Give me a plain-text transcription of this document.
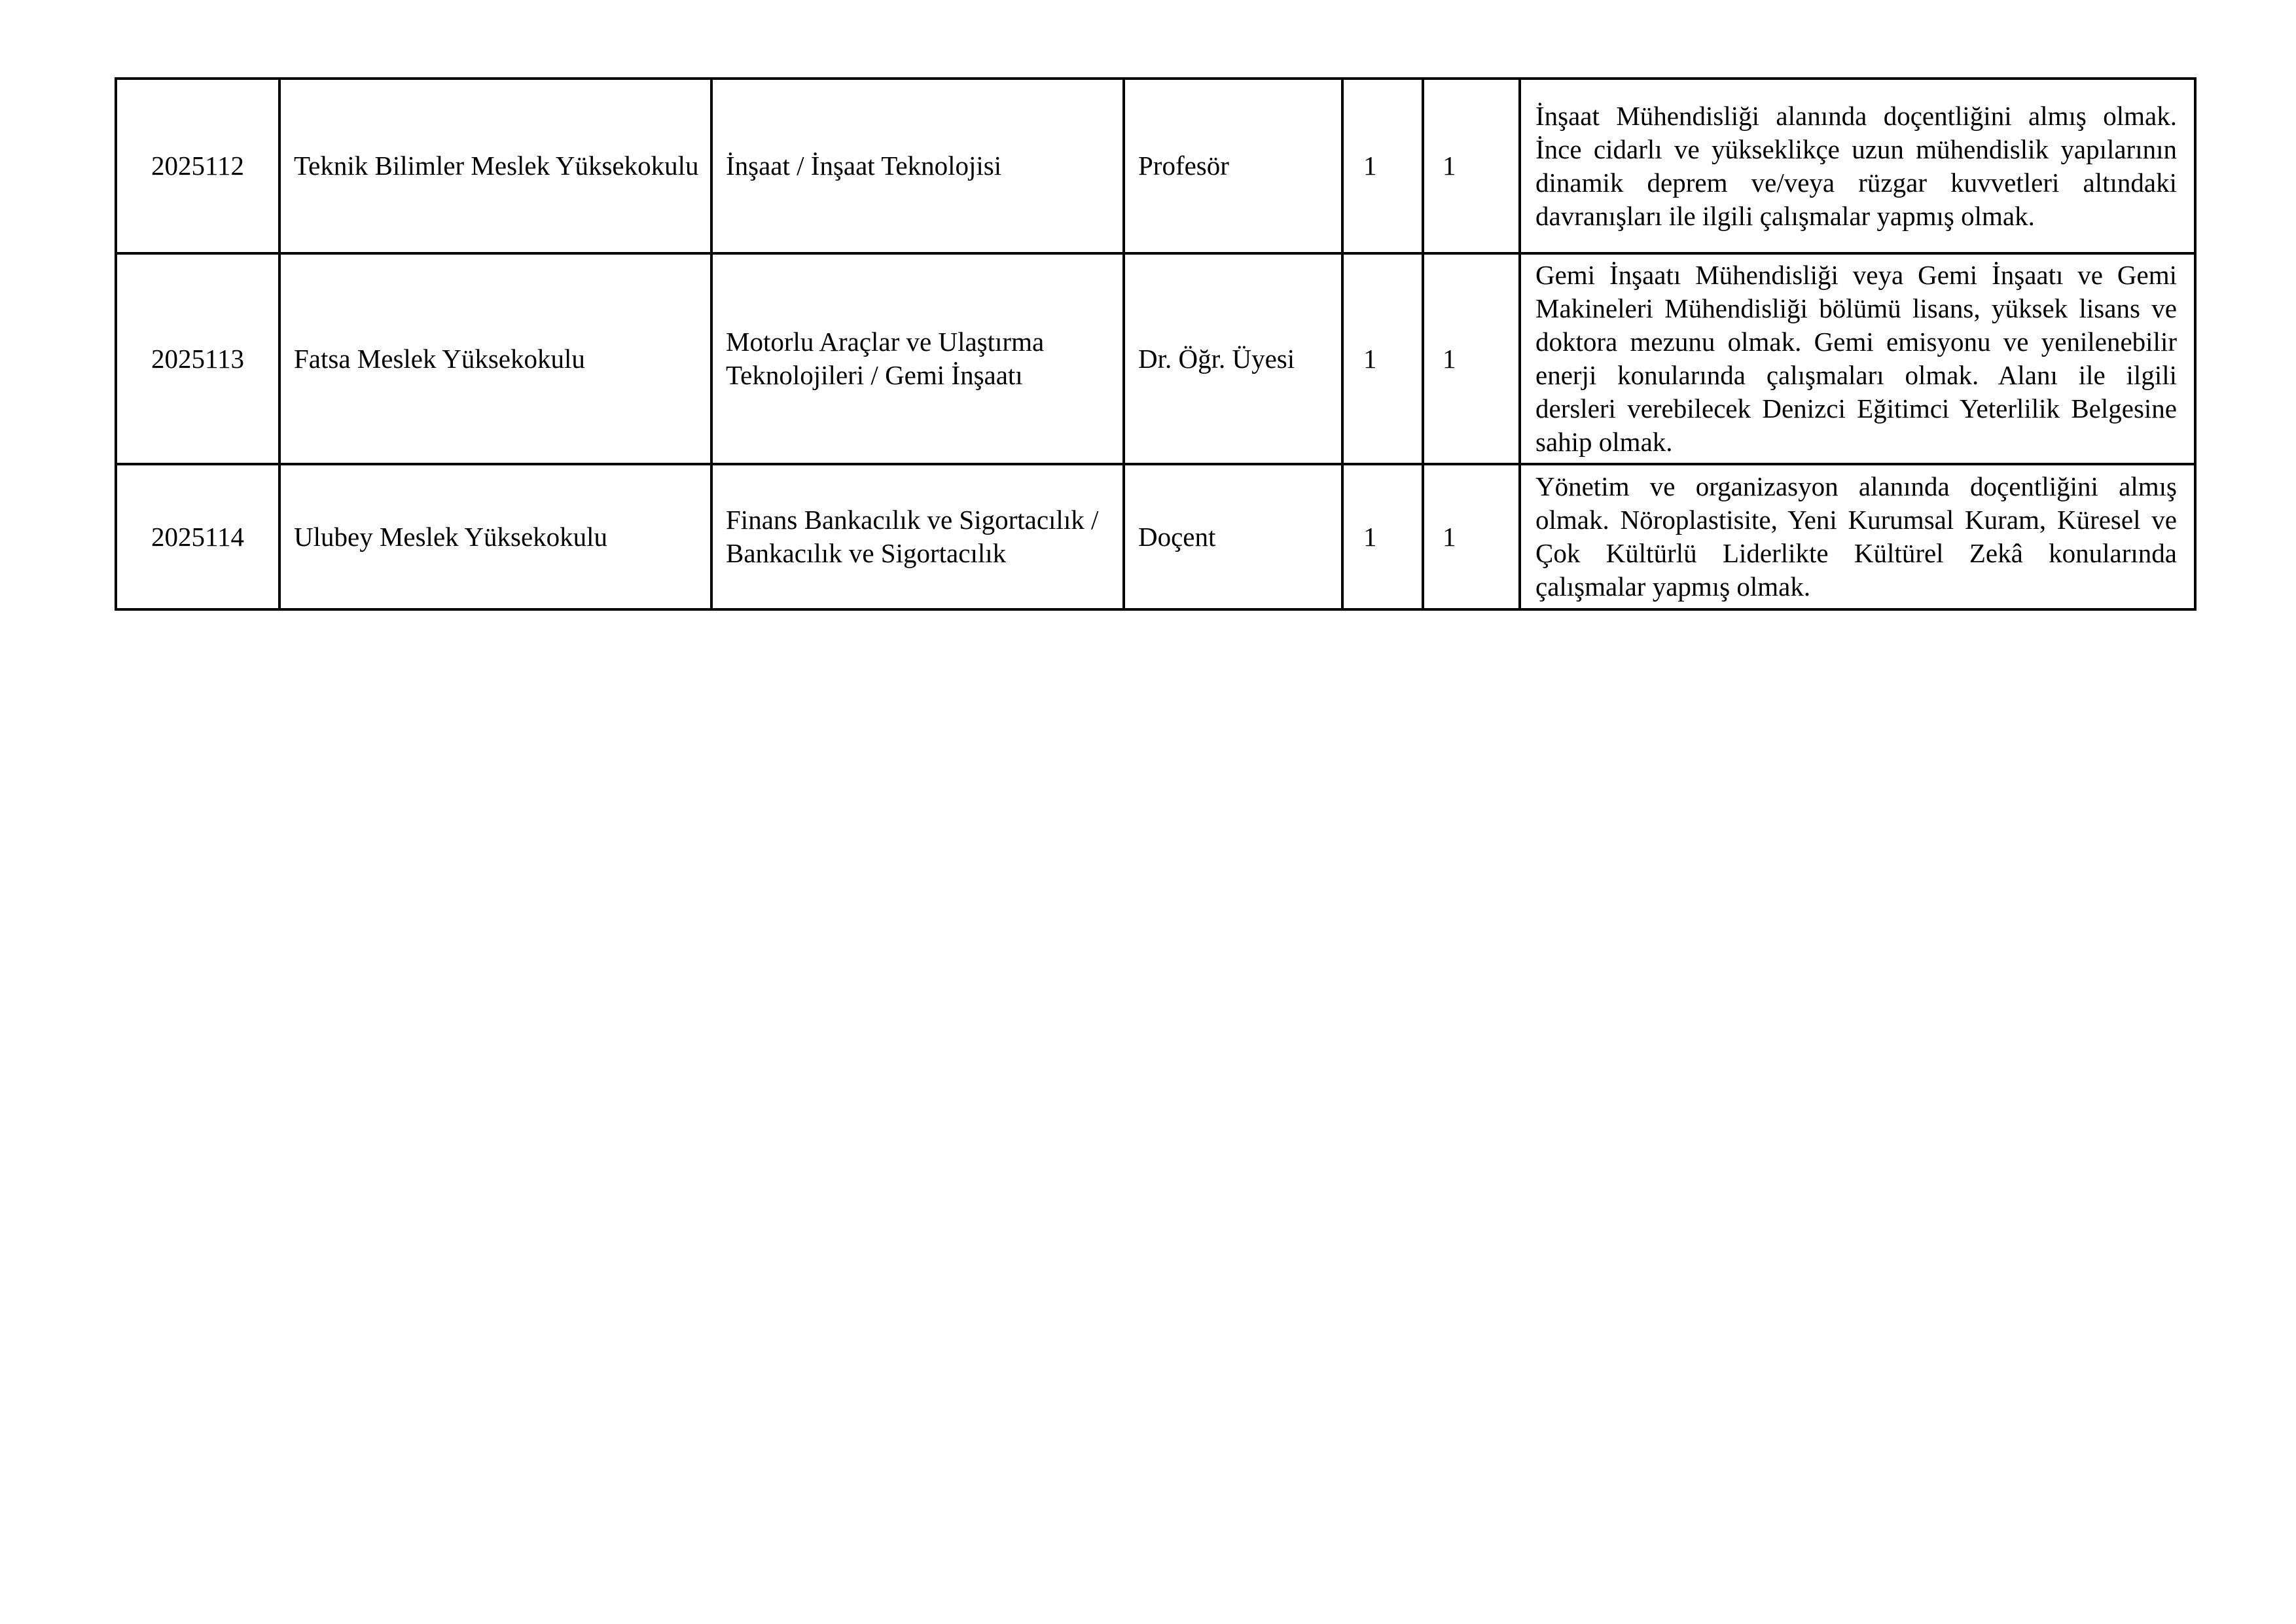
2025112	Teknik Bilimler Meslek Yüksekokulu	İnşaat / İnşaat Teknolojisi	Profesör	1	1	İnşaat Mühendisliği alanında doçentliğini almış olmak. İnce cidarlı ve yükseklikçe uzun mühendislik yapılarının dinamik deprem ve/veya rüzgar kuvvetleri altındaki davranışları ile ilgili çalışmalar yapmış olmak.
2025113	Fatsa Meslek Yüksekokulu	Motorlu Araçlar ve Ulaştırma Teknolojileri / Gemi İnşaatı	Dr. Öğr. Üyesi	1	1	Gemi İnşaatı Mühendisliği veya Gemi İnşaatı ve Gemi Makineleri Mühendisliği bölümü lisans, yüksek lisans ve doktora mezunu olmak. Gemi emisyonu ve yenilenebilir enerji konularında çalışmaları olmak. Alanı ile ilgili dersleri verebilecek Denizci Eğitimci Yeterlilik Belgesine sahip olmak.
2025114	Ulubey Meslek Yüksekokulu	Finans Bankacılık ve Sigortacılık / Bankacılık ve Sigortacılık	Doçent	1	1	Yönetim ve organizasyon alanında doçentliğini almış olmak. Nöroplastisite, Yeni Kurumsal Kuram, Küresel ve Çok Kültürlü Liderlikte Kültürel Zekâ konularında çalışmalar yapmış olmak.
